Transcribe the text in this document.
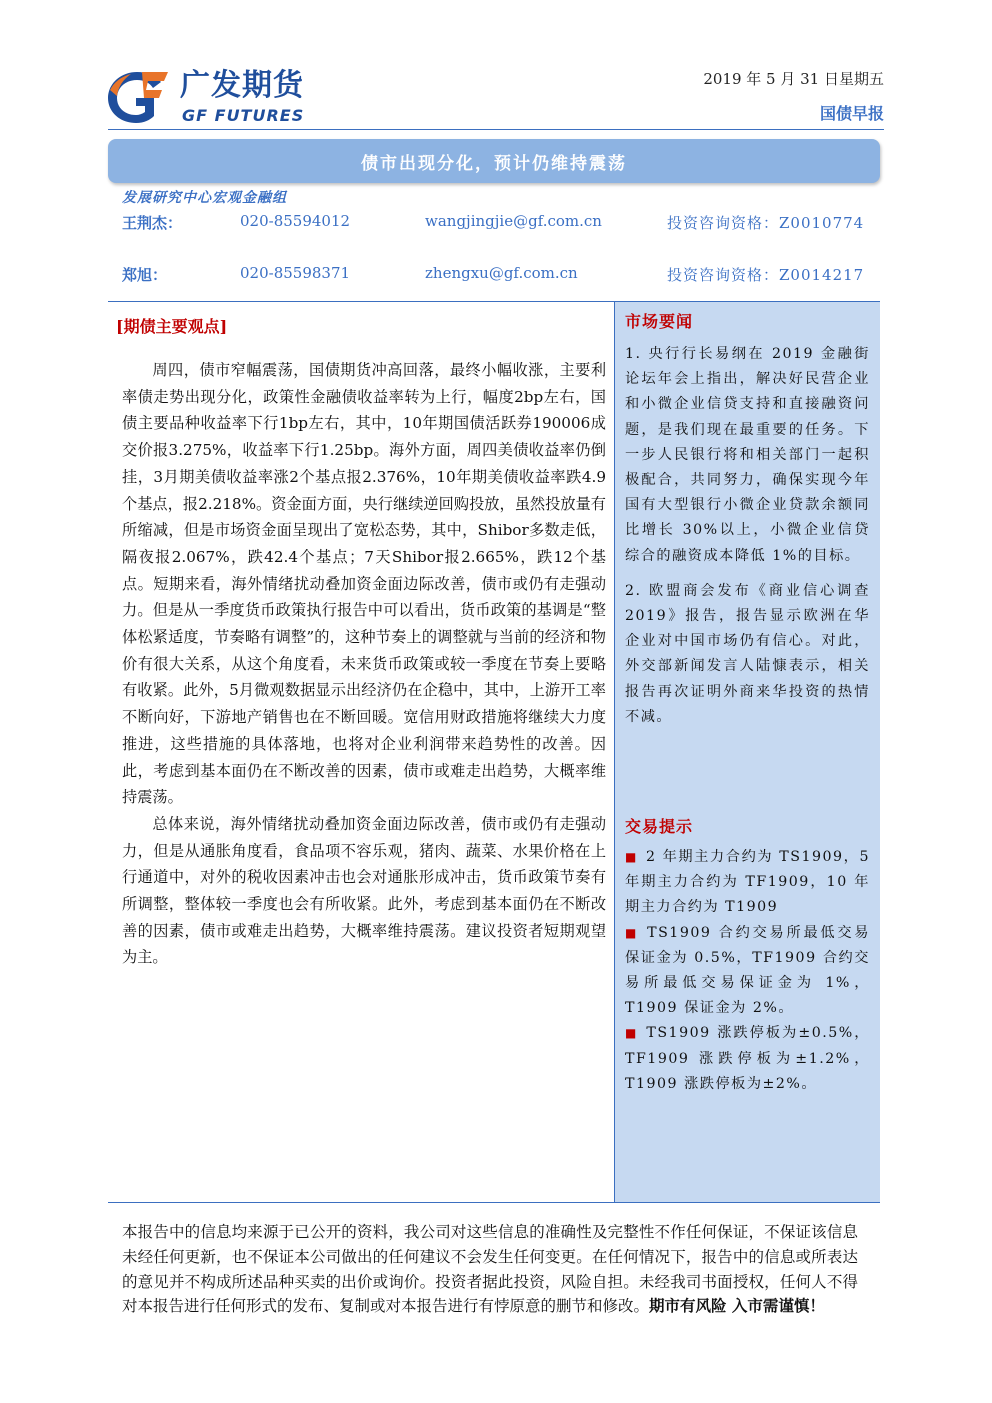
广发期货
GF FUTURES
2019 年 5 月 31 日星期五
国债早报
债市出现分化，预计仍维持震荡
发展研究中心宏观金融组
王荆杰：	020-85594012	wangjingjie@gf.com.cn	投资咨询资格：Z0010774
郑旭：	020-85598371	zhengxu@gf.com.cn	投资咨询资格：Z0014217
[期债主要观点]

周四，债市窄幅震荡，国债期货冲高回落，最终小幅收涨，主要利率债走势出现分化，政策性金融债收益率转为上行，幅度2bp左右，国债主要品种收益率下行1bp左右，其中，10年期国债活跃券190006成交价报3.275%，收益率下行1.25bp。海外方面，周四美债收益率仍倒挂，3月期美债收益率涨2个基点报2.376%，10年期美债收益率跌4.9个基点，报2.218%。资金面方面，央行继续逆回购投放，虽然投放量有所缩减，但是市场资金面呈现出了宽松态势，其中，Shibor多数走低，隔夜报2.067%，跌42.4个基点；7天Shibor报2.665%，跌12个基点。短期来看，海外情绪扰动叠加资金面边际改善，债市或仍有走强动力。但是从一季度货币政策执行报告中可以看出，货币政策的基调是“整体松紧适度，节奏略有调整”的，这种节奏上的调整就与当前的经济和物价有很大关系，从这个角度看，未来货币政策或较一季度在节奏上要略有收紧。此外，5月微观数据显示出经济仍在企稳中，其中，上游开工率不断向好，下游地产销售也在不断回暖。宽信用财政措施将继续大力度推进，这些措施的具体落地，也将对企业利润带来趋势性的改善。因此，考虑到基本面仍在不断改善的因素，债市或难走出趋势，大概率维持震荡。

总体来说，海外情绪扰动叠加资金面边际改善，债市或仍有走强动力，但是从通胀角度看，食品项不容乐观，猪肉、蔬菜、水果价格在上行通道中，对外的税收因素冲击也会对通胀形成冲击，货币政策节奏有所调整，整体较一季度也会有所收紧。此外，考虑到基本面仍在不断改善的因素，债市或难走出趋势，大概率维持震荡。建议投资者短期观望为主。

市场要闻

1. 央行行长易纲在 2019 金融街论坛年会上指出，解决好民营企业和小微企业信贷支持和直接融资问题，是我们现在最重要的任务。下一步人民银行将和相关部门一起积极配合，共同努力，确保实现今年国有大型银行小微企业贷款余额同比增长 30%以上，小微企业信贷综合的融资成本降低 1%的目标。

2. 欧盟商会发布《商业信心调查 2019》报告，报告显示欧洲在华企业对中国市场仍有信心。对此，外交部新闻发言人陆慷表示，相关报告再次证明外商来华投资的热情不减。

交易提示

■ 2 年期主力合约为 TS1909，5 年期主力合约为 TF1909，10 年期主力合约为 T1909

■ TS1909 合约交易所最低交易保证金为 0.5%，TF1909 合约交易所最低交易保证金为 1%，T1909 保证金为 2%。

■ TS1909 涨跌停板为±0.5%，TF1909 涨跌停板为±1.2%，T1909 涨跌停板为±2%。

本报告中的信息均来源于已公开的资料，我公司对这些信息的准确性及完整性不作任何保证，不保证该信息未经任何更新，也不保证本公司做出的任何建议不会发生任何变更。在任何情况下，报告中的信息或所表达的意见并不构成所述品种买卖的出价或询价。投资者据此投资，风险自担。未经我司书面授权，任何人不得对本报告进行任何形式的发布、复制或对本报告进行有悖原意的删节和修改。期市有风险 入市需谨慎！
